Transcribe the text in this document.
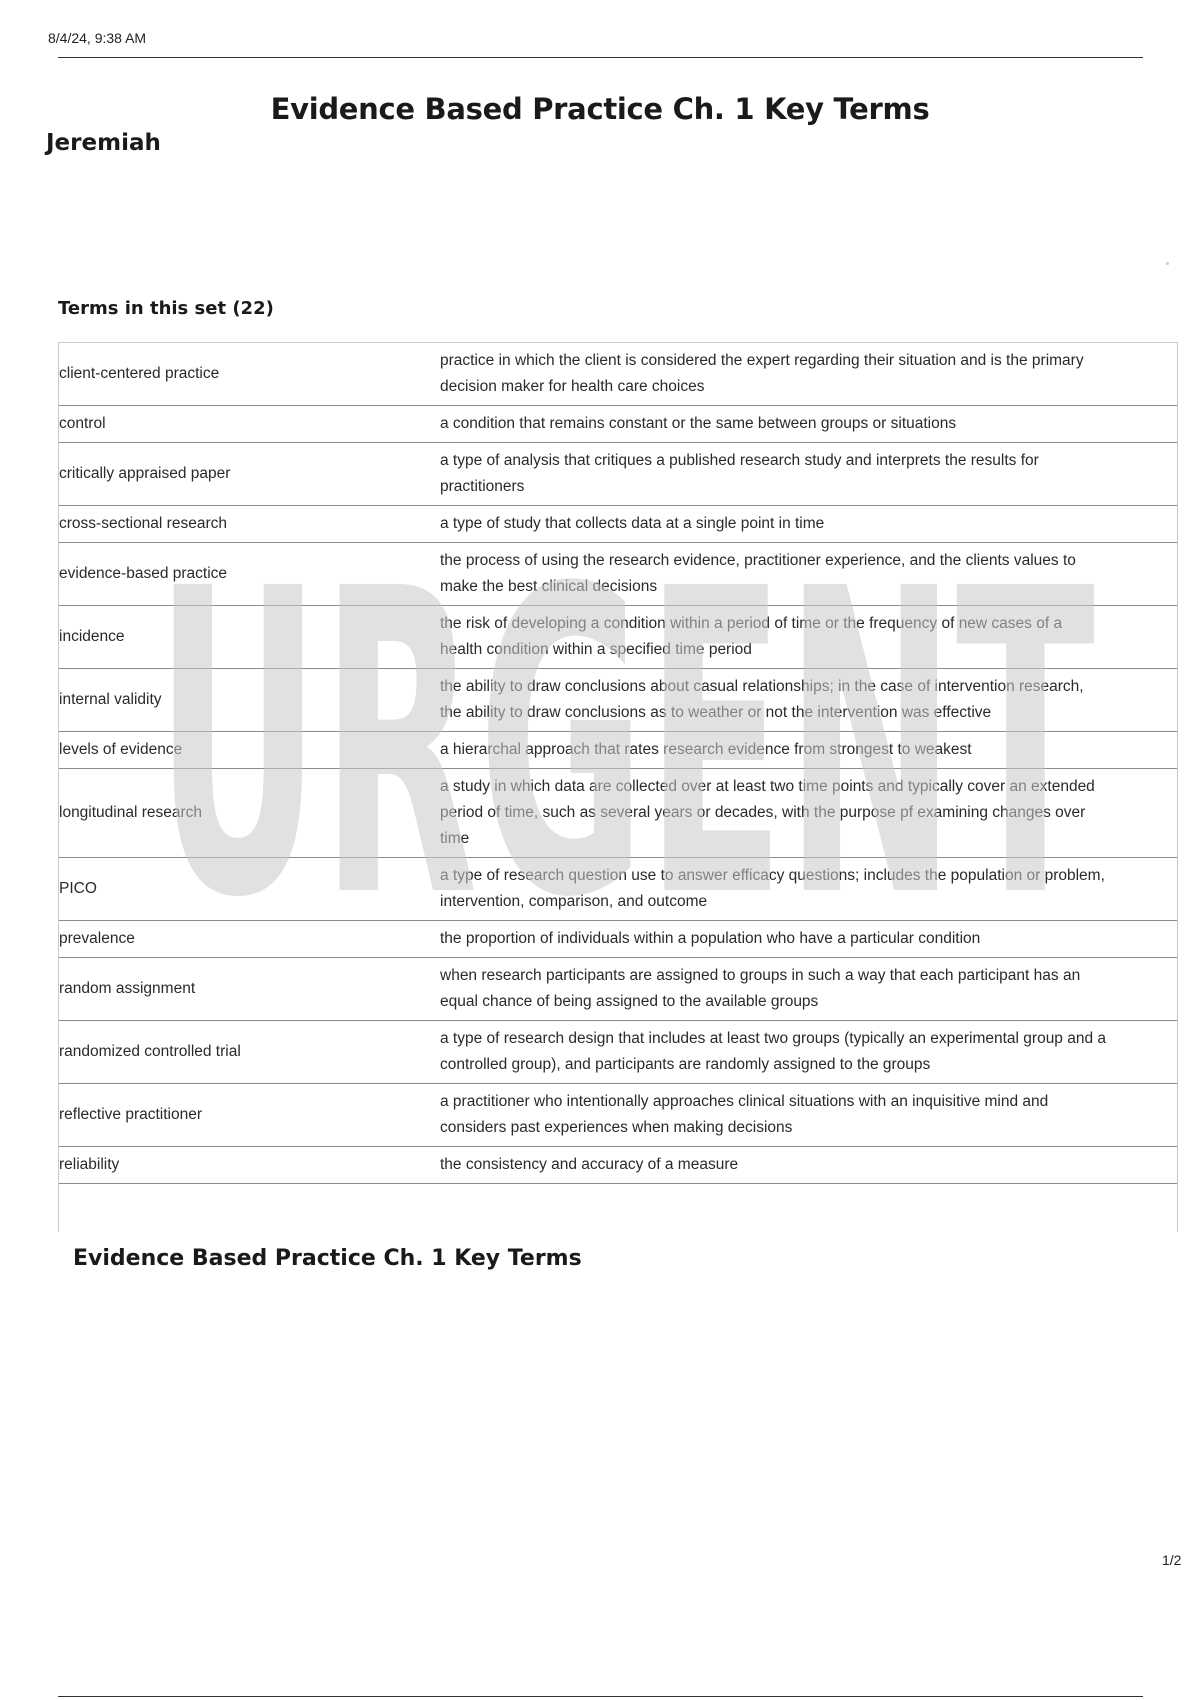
8/4/24, 9:38 AM
Evidence Based Practice Ch. 1 Key Terms
Jeremiah
Terms in this set (22)
client-centered practice	practice in which the client is considered the expert regarding their situation and is the primary decision maker for health care choices
control	a condition that remains constant or the same between groups or situations
critically appraised paper	a type of analysis that critiques a published research study and interprets the results for practitioners
cross-sectional research	a type of study that collects data at a single point in time
evidence-based practice	the process of using the research evidence, practitioner experience, and the clients values to make the best clinical decisions
incidence	the risk of developing a condition within a period of time or the frequency of new cases of a health condition within a specified time period
internal validity	the ability to draw conclusions about casual relationships; in the case of intervention research, the ability to draw conclusions as to weather or not the intervention was effective
levels of evidence	a hierarchal approach that rates research evidence from strongest to weakest
longitudinal research	a study in which data are collected over at least two time points and typically cover an extended period of time, such as several years or decades, with the purpose pf examining changes over time
PICO	a type of research question use to answer efficacy questions; includes the population or problem, intervention, comparison, and outcome
prevalence	the proportion of individuals within a population who have a particular condition
random assignment	when research participants are assigned to groups in such a way that each participant has an equal chance of being assigned to the available groups
randomized controlled trial	a type of research design that includes at least two groups (typically an experimental group and a controlled group), and participants are randomly assigned to the groups
reflective practitioner	a practitioner who intentionally approaches clinical situations with an inquisitive mind and considers past experiences when making decisions
reliability	the consistency and accuracy of a measure
URGENT
Evidence Based Practice Ch. 1 Key Terms
1/2
